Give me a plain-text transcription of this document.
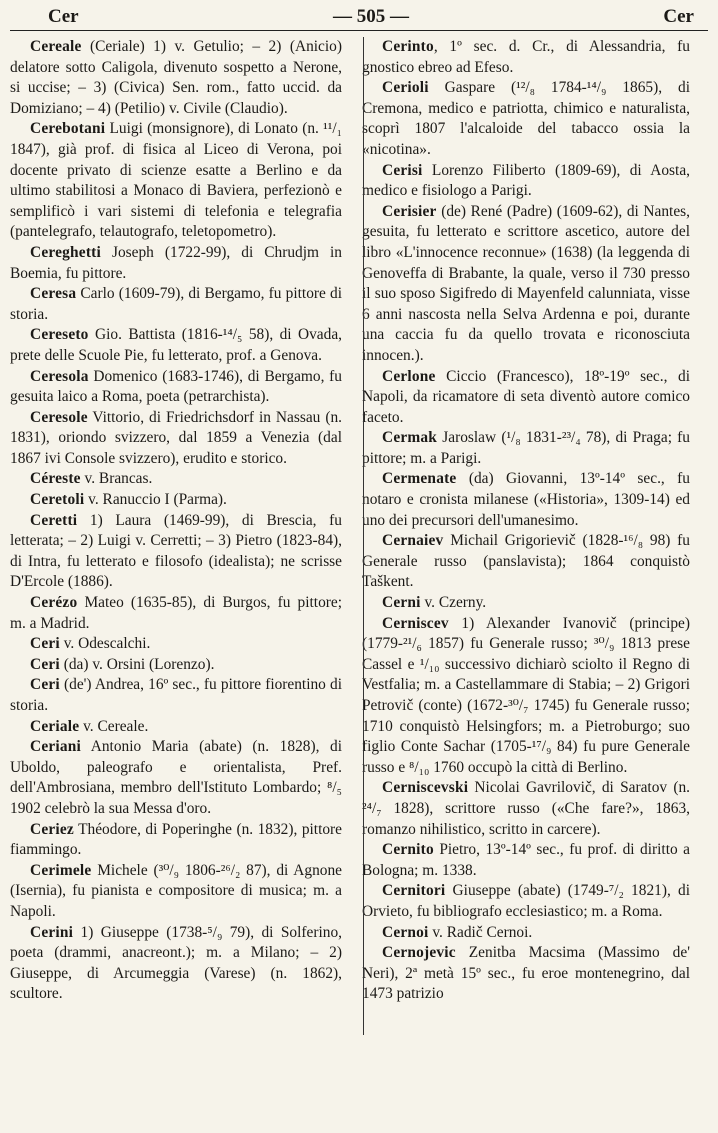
Cer	— 505 —	Cer

Cereale (Ceriale) 1) v. Getulio; – 2) (Anicio) delatore sotto Caligola, divenuto sospetto a Nerone, si uccise; – 3) (Civica) Sen. rom., fatto uccid. da Domiziano; – 4) (Petilio) v. Civile (Claudio).

Cerebotani Luigi (monsignore), di Lonato (n. ¹¹/₁ 1847), già prof. di fisica al Liceo di Verona, poi docente privato di scienze esatte a Berlino e da ultimo stabilitosi a Monaco di Baviera, perfezionò e semplificò i vari sistemi di telefonia e telegrafia (pantelegrafo, telautografo, teletopometro).

Cereghetti Joseph (1722-99), di Chrudjm in Boemia, fu pittore.

Ceresa Carlo (1609-79), di Bergamo, fu pittore di storia.

Cereseto Gio. Battista (1816-¹⁴/₅ 58), di Ovada, prete delle Scuole Pie, fu letterato, prof. a Genova.

Ceresola Domenico (1683-1746), di Bergamo, fu gesuita laico a Roma, poeta (petrarchista).

Ceresole Vittorio, di Friedrichsdorf in Nassau (n. 1831), oriondo svizzero, dal 1859 a Venezia (dal 1867 ivi Console svizzero), erudito e storico.

Céreste v. Brancas.

Ceretoli v. Ranuccio I (Parma).

Ceretti 1) Laura (1469-99), di Brescia, fu letterata; – 2) Luigi v. Cerretti; – 3) Pietro (1823-84), di Intra, fu letterato e filosofo (idealista); ne scrisse D'Ercole (1886).

Cerézo Mateo (1635-85), di Burgos, fu pittore; m. a Madrid.

Ceri v. Odescalchi.

Ceri (da) v. Orsini (Lorenzo).

Ceri (de') Andrea, 16º sec., fu pittore fiorentino di storia.

Ceriale v. Cereale.

Ceriani Antonio Maria (abate) (n. 1828), di Uboldo, paleografo e orientalista, Pref. dell'Ambrosiana, membro dell'Istituto Lombardo; ⁸/₅ 1902 celebrò la sua Messa d'oro.

Ceriez Théodore, di Poperinghe (n. 1832), pittore fiammingo.

Cerimele Michele (³⁰/₉ 1806-²⁶/₂ 87), di Agnone (Isernia), fu pianista e compositore di musica; m. a Napoli.

Cerini 1) Giuseppe (1738-⁵/₉ 79), di Solferino, poeta (drammi, anacreont.); m. a Milano; – 2) Giuseppe, di Arcumeggia (Varese) (n. 1862), scultore.

Cerinto, 1º sec. d. Cr., di Alessandria, fu gnostico ebreo ad Efeso.

Cerioli Gaspare (¹²/₈ 1784-¹⁴/₉ 1865), di Cremona, medico e patriotta, chimico e naturalista, scoprì 1807 l'alcaloide del tabacco ossia la «nicotina».

Cerisi Lorenzo Filiberto (1809-69), di Aosta, medico e fisiologo a Parigi.

Cerisier (de) René (Padre) (1609-62), di Nantes, gesuita, fu letterato e scrittore ascetico, autore del libro «L'innocence reconnue» (1638) (la leggenda di Genoveffa di Brabante, la quale, verso il 730 presso il suo sposo Sigifredo di Mayenfeld calunniata, visse 6 anni nascosta nella Selva Ardenna e poi, durante una caccia fu da quello trovata e riconosciuta innocen.).

Cerlone Ciccio (Francesco), 18º-19º sec., di Napoli, da ricamatore di seta diventò autore comico faceto.

Cermak Jaroslaw (¹/₈ 1831-²³/₄ 78), di Praga; fu pittore; m. a Parigi.

Cermenate (da) Giovanni, 13º-14º sec., fu notaro e cronista milanese («Historia», 1309-14) ed uno dei precursori dell'umanesimo.

Cernaiev Michail Grigorievič (1828-¹⁶/₈ 98) fu Generale russo (panslavista); 1864 conquistò Taškent.

Cerni v. Czerny.

Cerniscev 1) Alexander Ivanovič (principe) (1779-²¹/₆ 1857) fu Generale russo; ³⁰/₉ 1813 prese Cassel e ¹/₁₀ successivo dichiarò sciolto il Regno di Vestfalia; m. a Castellammare di Stabia; – 2) Grigori Petrovič (conte) (1672-³⁰/₇ 1745) fu Generale russo; 1710 conquistò Helsingfors; m. a Pietroburgo; suo figlio Conte Sachar (1705-¹⁷/₉ 84) fu pure Generale russo e ⁸/₁₀ 1760 occupò la città di Berlino.

Cerniscevski Nicolai Gavrilovič, di Saratov (n. ²⁴/₇ 1828), scrittore russo («Che fare?», 1863, romanzo nihilistico, scritto in carcere).

Cernito Pietro, 13º-14º sec., fu prof. di diritto a Bologna; m. 1338.

Cernitori Giuseppe (abate) (1749-⁷/₂ 1821), di Orvieto, fu bibliografo ecclesiastico; m. a Roma.

Cernoi v. Radič Cernoi.

Cernojevic Zenitba Macsima (Massimo de' Neri), 2ª metà 15º sec., fu eroe montenegrino, dal 1473 patrizio
